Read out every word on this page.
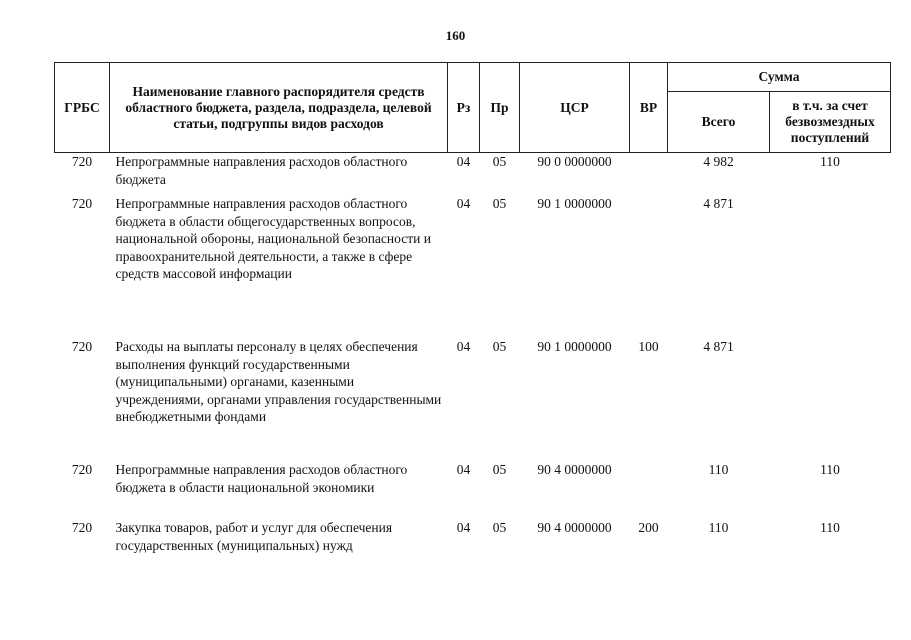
160
ГРБС	Наименование главного распорядителя средств областного бюджета, раздела, подраздела, целевой статьи, подгруппы видов расходов	Рз	Пр	ЦСР	ВР	Сумма	
						Всего	в т.ч. за счет безвозмездных поступлений
720	Непрограммные направления расходов областного бюджета	04	05	90 0 0000000		4 982	110
720	Непрограммные направления расходов областного бюджета в области общегосударственных вопросов, национальной обороны, национальной безопасности и правоохранительной деятельности, а также в сфере средств массовой информации	04	05	90 1 0000000		4 871	
720	Расходы на выплаты персоналу в целях обеспечения выполнения функций государственными (муниципальными) органами, казенными учреждениями, органами управления государственными внебюджетными фондами	04	05	90 1 0000000	100	4 871	
720	Непрограммные направления расходов областного бюджета в области национальной экономики	04	05	90 4 0000000		110	110
720	Закупка товаров, работ и услуг для обеспечения государственных (муниципальных) нужд	04	05	90 4 0000000	200	110	110
